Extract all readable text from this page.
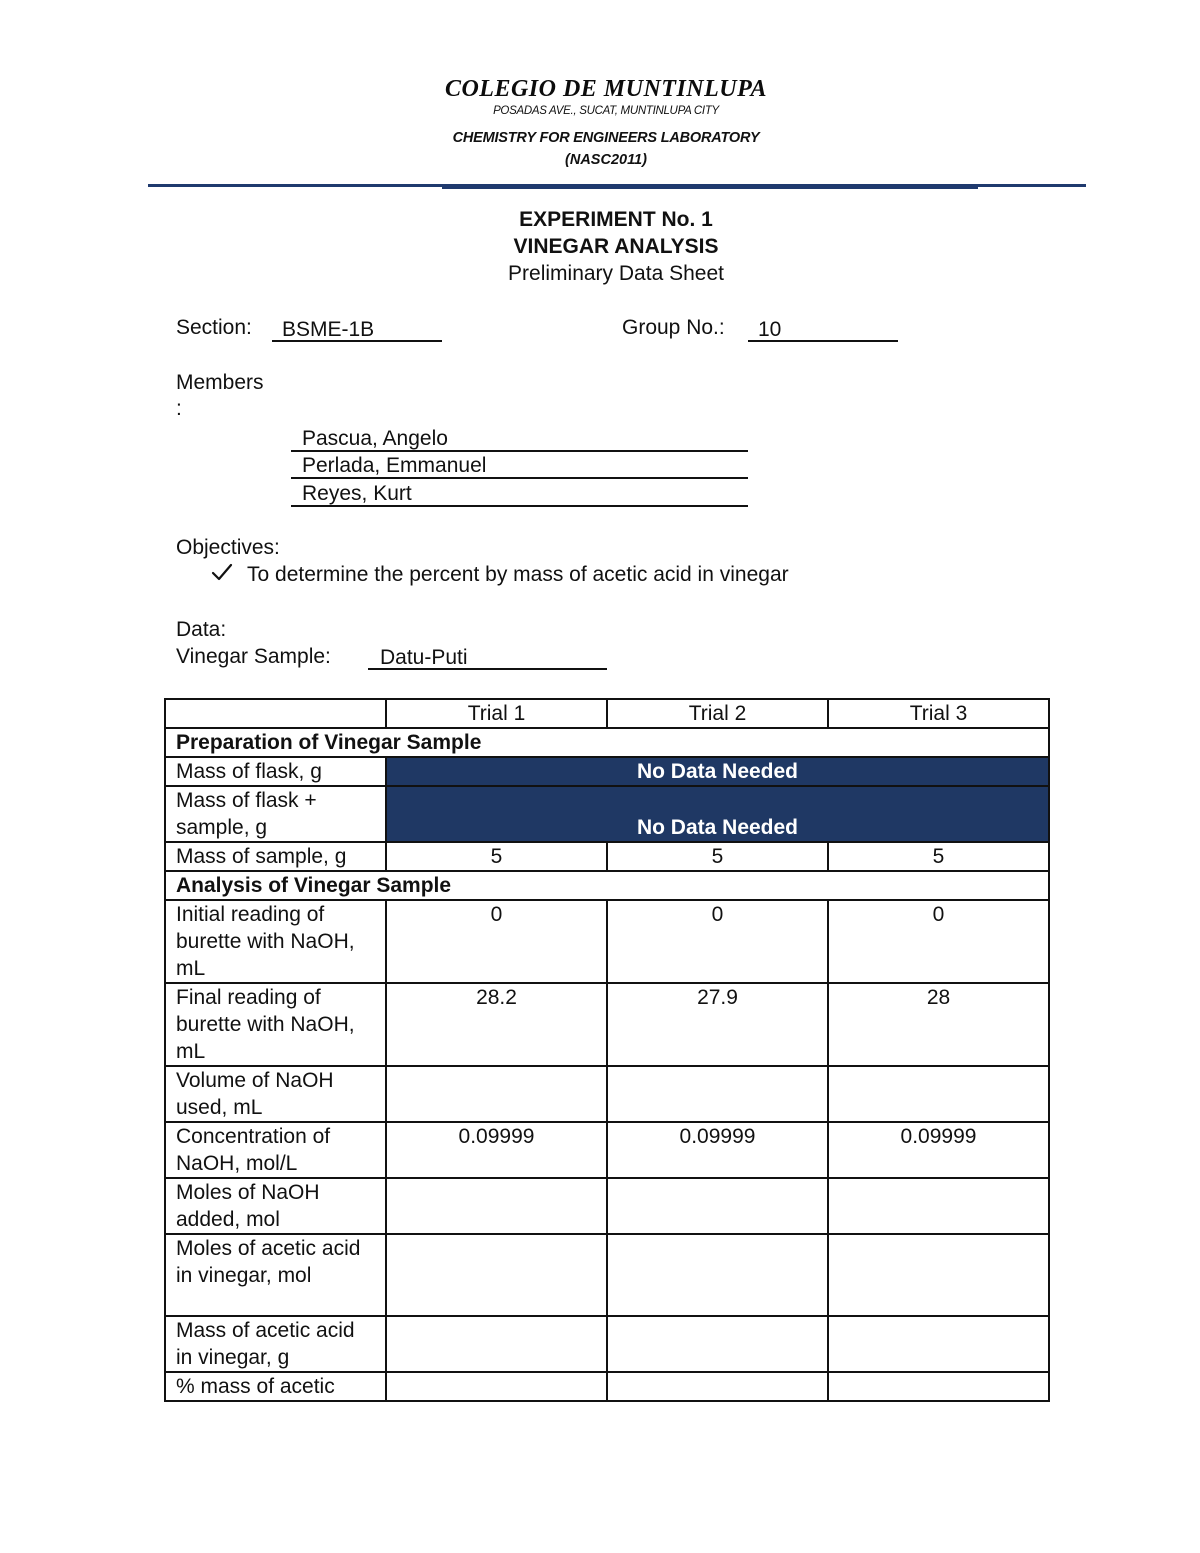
COLEGIO DE MUNTINLUPA
POSADAS AVE., SUCAT, MUNTINLUPA CITY
CHEMISTRY FOR ENGINEERS LABORATORY
(NASC2011)
EXPERIMENT No. 1
VINEGAR ANALYSIS
Preliminary Data Sheet
Section:	BSME-1B	Group No.:	10
Members
:
Pascua, Angelo
Perlada, Emmanuel
Reyes, Kurt
Objectives:
To determine the percent by mass of acetic acid in vinegar
Data:
Vinegar Sample:	Datu-Puti
	Trial 1	Trial 2	Trial 3
Preparation of Vinegar Sample			
Mass of flask, g	No Data Needed		
Mass of flask + sample, g	No Data Needed		
Mass of sample, g	5	5	5
Analysis of Vinegar Sample			
Initial reading of burette with NaOH, mL	0	0	0
Final reading of burette with NaOH, mL	28.2	27.9	28
Volume of NaOH used, mL			
Concentration of NaOH, mol/L	0.09999	0.09999	0.09999
Moles of NaOH added, mol			
Moles of acetic acid in vinegar, mol			
Mass of acetic acid in vinegar, g			
% mass of acetic			
